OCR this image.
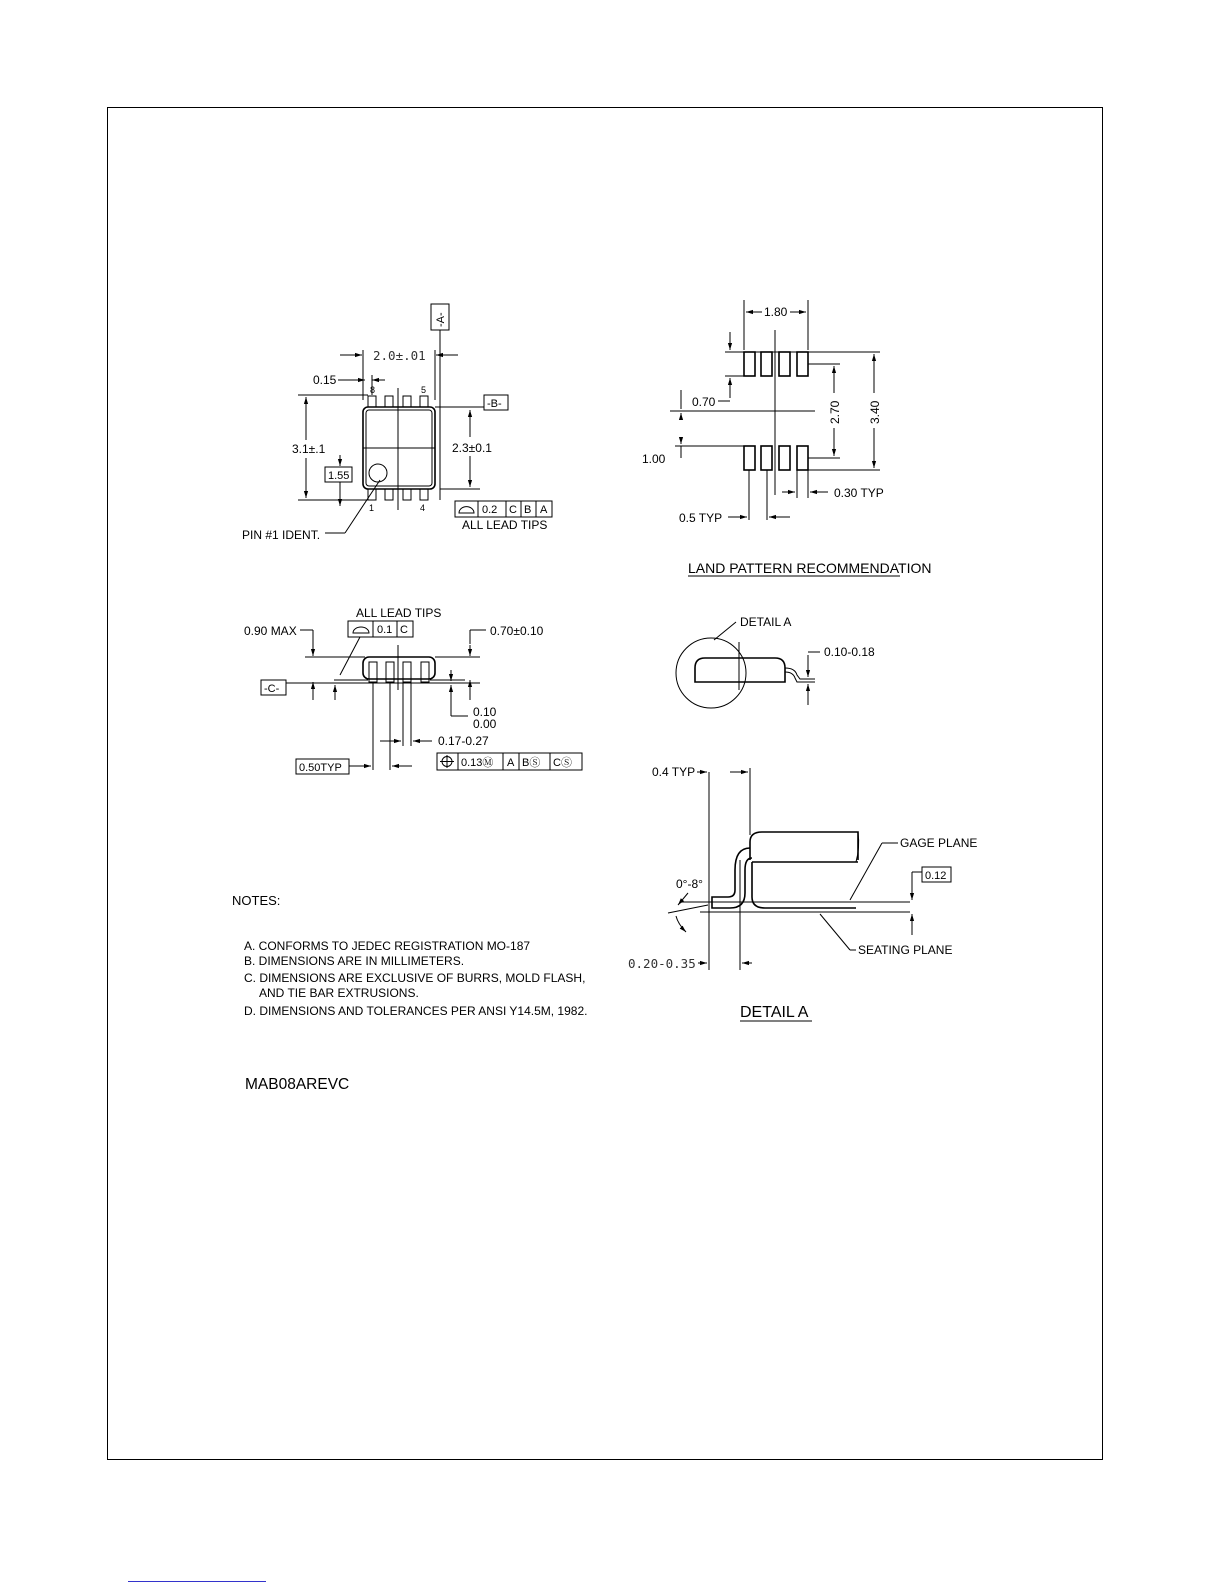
-A-
2.0±.01
0.15
8	5
-B-
3.1±.1
1.55
2.3±0.1
1	4	0.2 C B A
ALL LEAD TIPS
PIN #1 IDENT.
1.80
0.70	2.70 3.40
1.00
0.30 TYP
0.5 TYP
LAND PATTERN RECOMMENDATION
ALL LEAD TIPS
0.1 C
0.90 MAX	0.70±0.10
-C-
0.10
0.00
0.17-0.27
0.50TYP	0.13Ⓜ A BⓈ CⓈ
DETAIL A
0.10-0.18
0.4 TYP
GAGE PLANE
0.12
SEATING PLANE
0°-8°
0.20-0.35
DETAIL A
NOTES:
A. CONFORMS TO JEDEC REGISTRATION MO-187
B. DIMENSIONS ARE IN MILLIMETERS.
C. DIMENSIONS ARE EXCLUSIVE OF BURRS, MOLD FLASH,
AND TIE BAR EXTRUSIONS.
D. DIMENSIONS AND TOLERANCES PER ANSI Y14.5M, 1982.
MAB08AREVC
